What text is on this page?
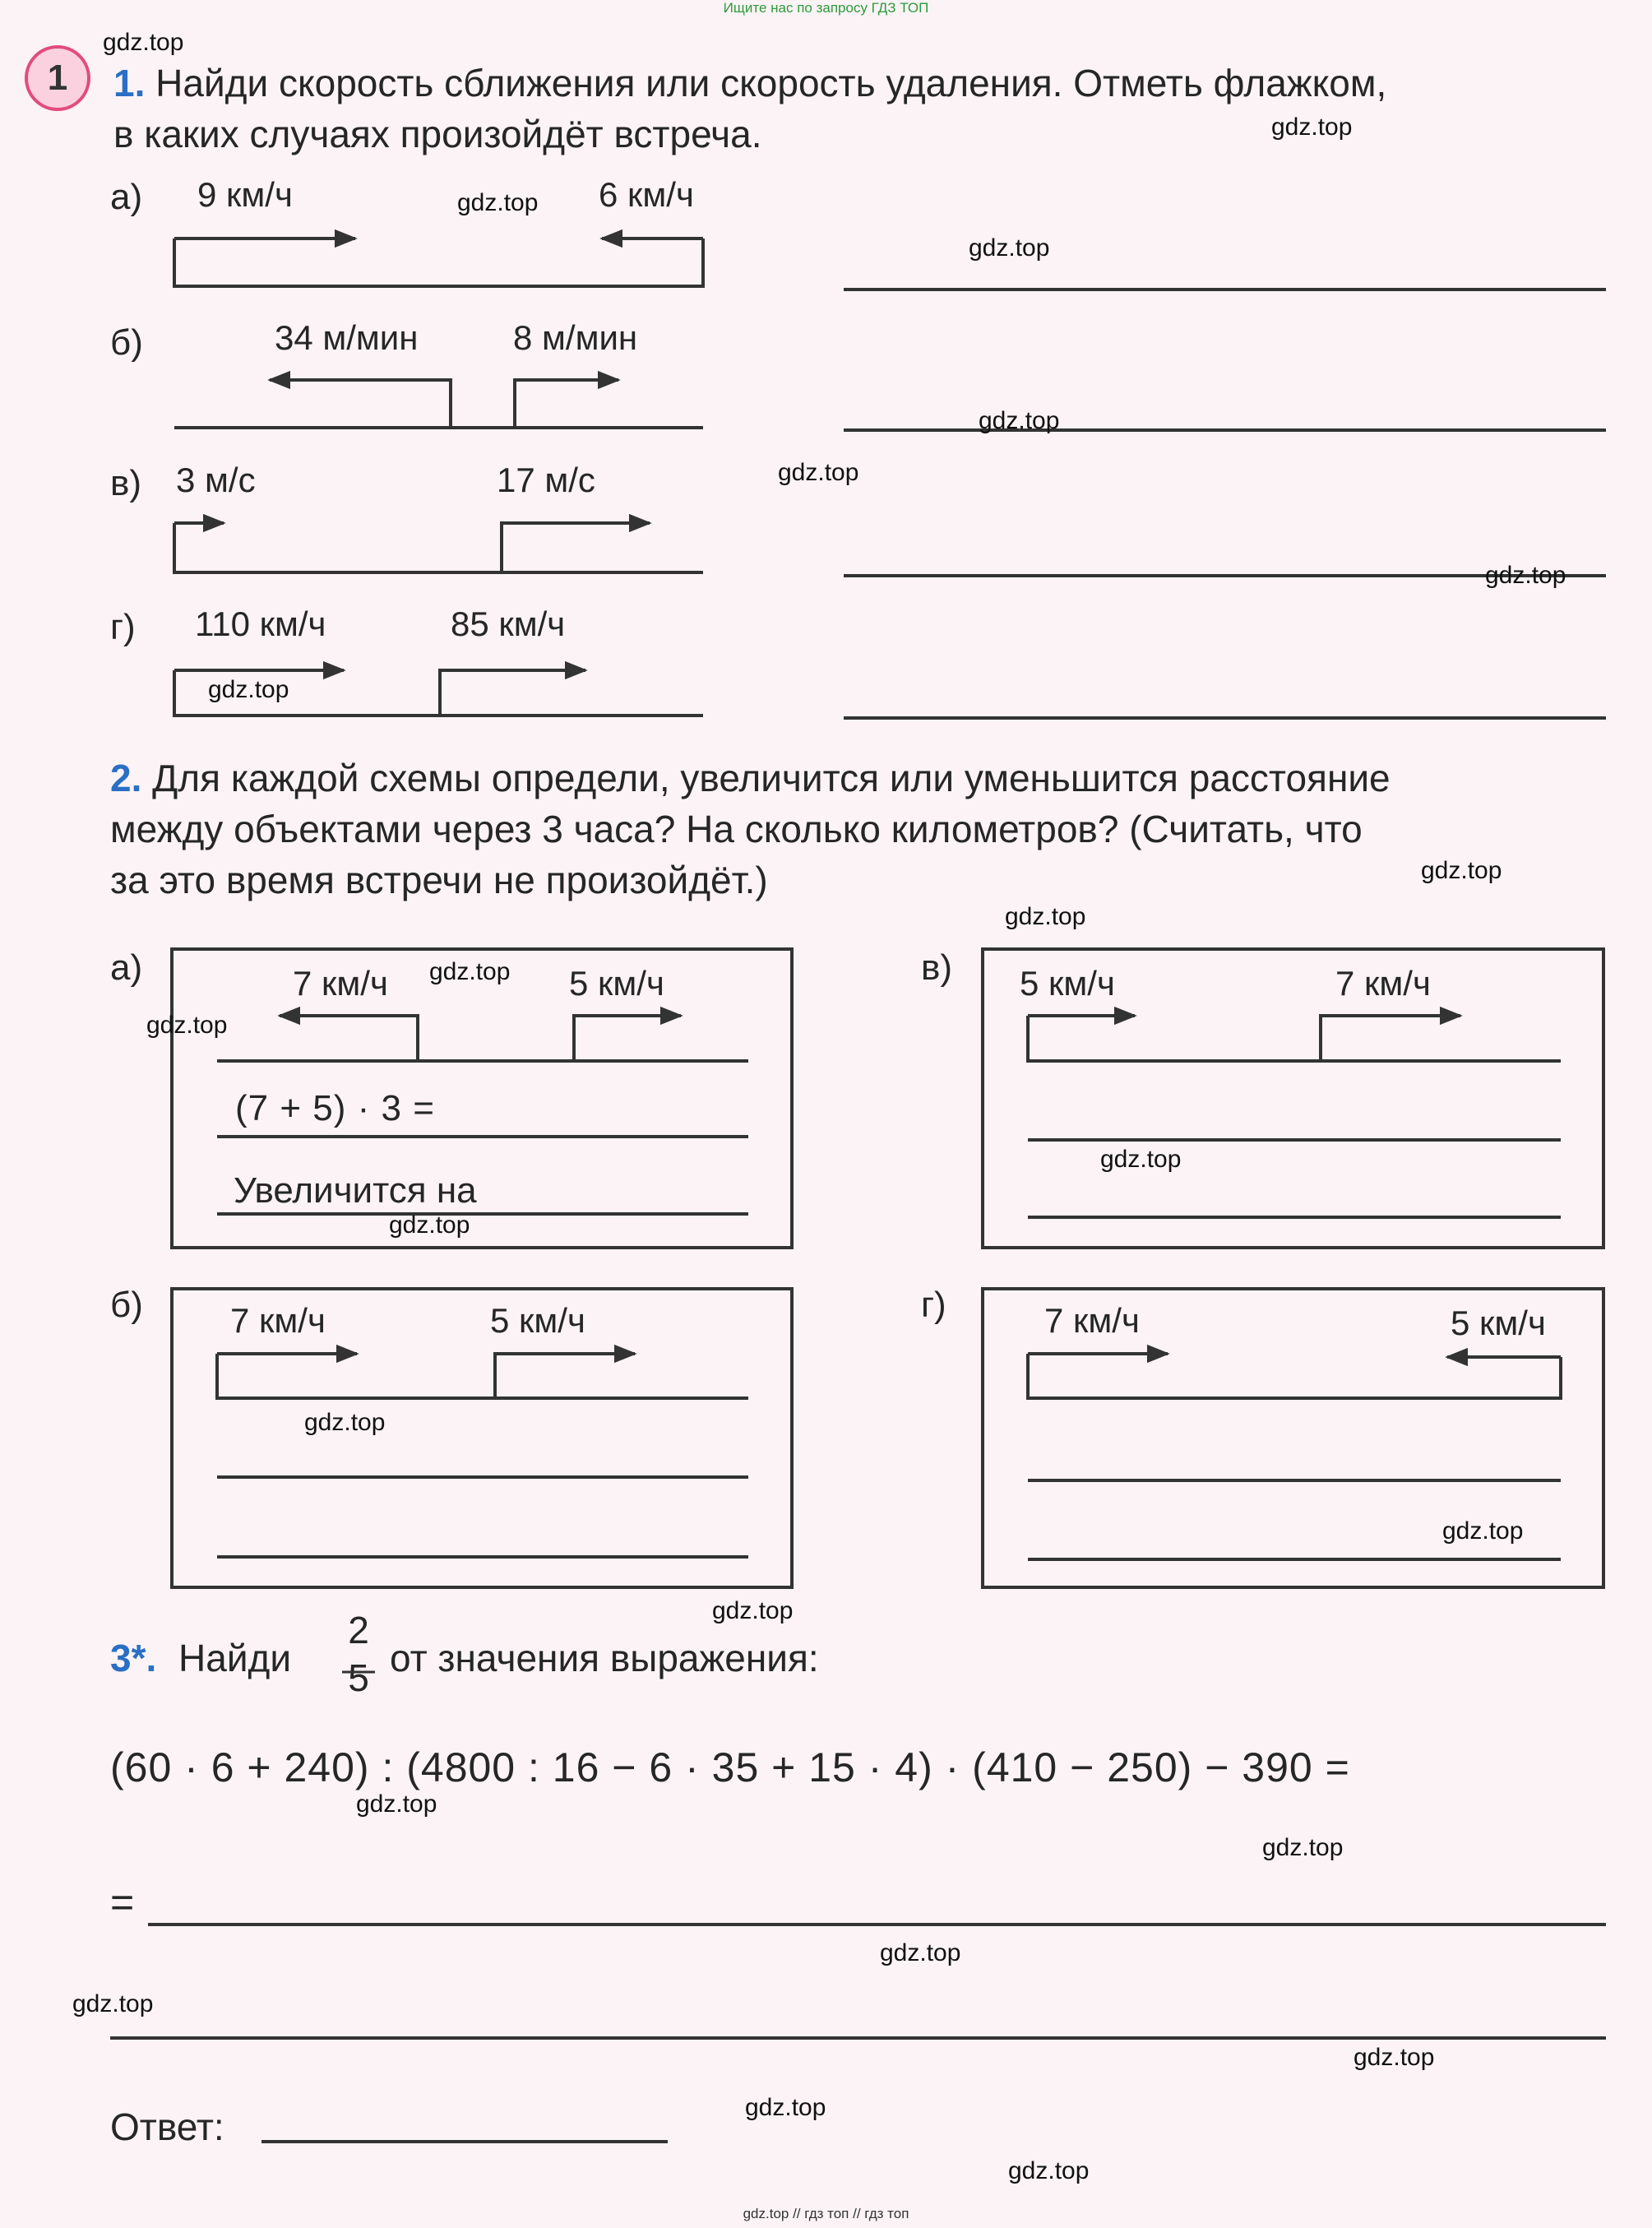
Ищите нас по запросу ГДЗ ТОП
gdz.top // гдз топ // гдз топ
1	1. Найди скорость сближения или скорость удаления. Отметь флажком,
в каких случаях произойдёт встреча.
а) 9 км/ч	6 км/ч
б)	34 м/мин	8 м/мин
в) 3 м/с	17 м/с
г) 110 км/ч	85 км/ч
2. Для каждой схемы определи, увеличится или уменьшится расстояние
между объектами через 3 часа? На сколько километров? (Считать, что
за это время встречи не произойдёт.)
а)	7 км/ч	5 км/ч
(7 + 5) · 3 =
Увеличится на
в) 5 км/ч	7 км/ч
б)	7 км/ч	5 км/ч	г)	7 км/ч	5 км/ч
3*. Найди
2
5 от значения выражения:
(60 · 6 + 240) : (4800 : 16 − 6 · 35 + 15 · 4) · (410 − 250) − 390 =
=
Ответ:
gdz.top
gdz.top
gdz.top
gdz.top
gdz.top
gdz.top
gdz.top
gdz.top
gdz.top
gdz.top
gdz.top
gdz.top
gdz.top
gdz.top
gdz.top
gdz.top
gdz.top
gdz.top
gdz.top
gdz.top
gdz.top
gdz.top
gdz.top
gdz.top
